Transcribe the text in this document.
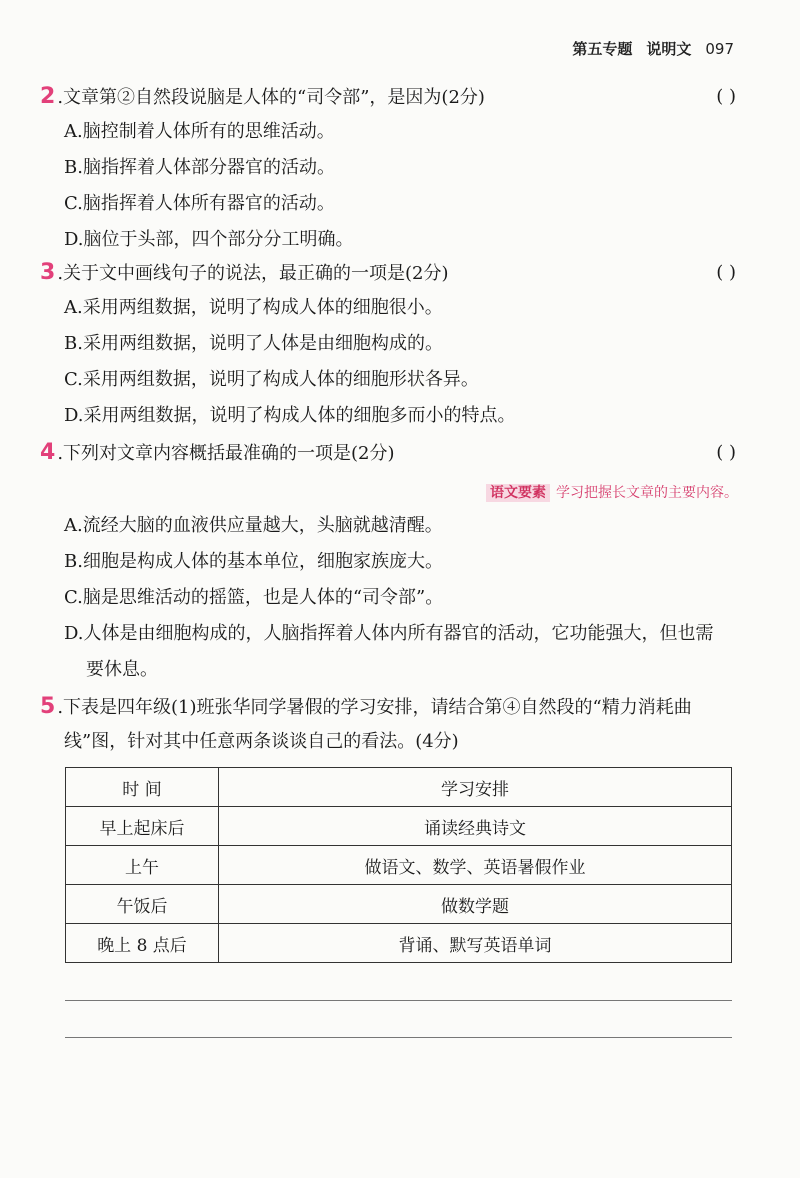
第五专题 说明文 097
2 .文章第②自然段说脑是人体的“司令部”，是因为(2分)	( )
A.脑控制着人体所有的思维活动。
B.脑指挥着人体部分器官的活动。
C.脑指挥着人体所有器官的活动。
D.脑位于头部，四个部分分工明确。
3 .关于文中画线句子的说法，最正确的一项是(2分)	( )
A.采用两组数据，说明了构成人体的细胞很小。
B.采用两组数据，说明了人体是由细胞构成的。
C.采用两组数据，说明了构成人体的细胞形状各异。
D.采用两组数据，说明了构成人体的细胞多而小的特点。
4 .下列对文章内容概括最准确的一项是(2分)	( )
语文要素 学习把握长文章的主要内容。
A.流经大脑的血液供应量越大，头脑就越清醒。
B.细胞是构成人体的基本单位，细胞家族庞大。
C.脑是思维活动的摇篮，也是人体的“司令部”。
D.人体是由细胞构成的，人脑指挥着人体内所有器官的活动，它功能强大，但也需
要休息。
5 .下表是四年级(1)班张华同学暑假的学习安排，请结合第④自然段的“精力消耗曲
线”图，针对其中任意两条谈谈自己的看法。(4分)
时 间	学习安排
早上起床后	诵读经典诗文
上午	做语文、数学、英语暑假作业
午饭后	做数学题
晚上 8 点后	背诵、默写英语单词
